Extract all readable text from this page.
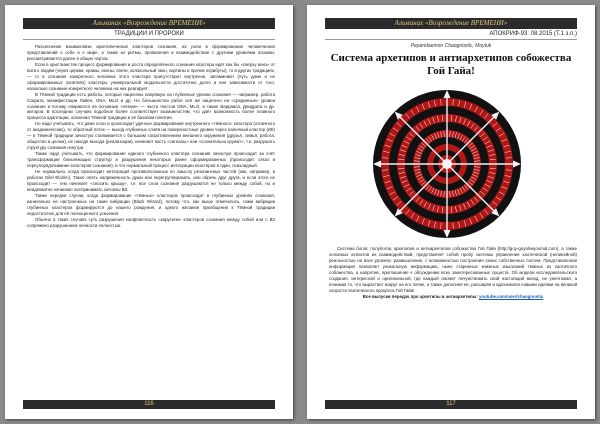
Альманах «Возрождение ВРЕМЕНИ»
ТРАДИЦИИ И ПРОРОКИ

Разъяснение взаимосвязи архетипических кластеров сознания, их роли в формировании человеческих представлений о себе и о мире, а также их ритмы, проявления и взаимодействие с другими уровнями психики, рассматривается далее в общих чертах.

Если в христианстве процесс формирования и роста определённого сознания кластера идёт как бы «сверху вниз» от Бога к людям (через церкви, храмы, иконы, свечи, колокольный звон, картины и прочие атрибуты), то в других традициях, — то в сознание конкретного человека этого кластера присутствуют внутренне, запоминают (путь даже и не сформированных понятиях) кластеры универсальной модальности достаточно долго и вне зависимости от того, насколько сознание конкретного человека на них реагирует.

В Тёмной традиции есть работы, которые нацелены напрямую на глубинные уровни сознания — например, работа Сократа, манифестации Лайен, ONA, MLO и др. Но большинство работ всё же нацелено на «срединные» уровни сознания и потому опираются на основные «лёгкие» — части текстов ONA, MLO, а также Варравса, Деидрата и др. авторов. В последних случаях подобное более соответствует возможностям, что даёт возможность более плавного процесса адаптации, освоения Тёмной традиции в её базовом понятии.

Но надо учитывать, что даже если и происходит удачное формирование внутреннего «тёмного» кластера (отличного от академических), то обратный поток — выход глубинных слоёв на поверхностные уровни через наличный кластер (ИК) — в Тёмной традиции зачастую сталкивается с большим сопротивлением внешнего окружения (друзья, семья, работа, общество в целом), не находя выхода (реализации), начинает пасть «сигналы» или «сознательно кружат», т.е. разрушать структуру сознания изнутри.

Также надо учитывать, что формирование единого глубинного кластера сознания зачастую происходит за счёт трансформации близлежащих структур и разрушения некоторых ранее сформированных (происходит отказ и переупорядочивание кластеров сознания), и что нормальный процесс интеграции кластеров в один, психоидный.

Не нормально, когда происходит интеграция противоположных по смыслу резонансных частей (как, например, в работах Gilel Elohim). Такое опять напряжённость души или перегруппировать, или обречь друг друга, и если этого не происходит — тем начинает «сносить крышу», т.е. все слои сознания разрушаются не только между собой, но и неадекватно начинают воспринимать сигналы ВЗ.

Также нередки случаи, когда формирование «тёмных» кластеров происходит в глубинных уровнях сознания, изначально не настроенных на такие вибрации (Black Wizard), потому что, как выше отмечалось, сами вибрации глубинных кластеров формируются до нашего рождения, и одного желания приобщения к Тёмной традиции недостаточно для её полноценного усвоения.

Обычно в таких случаях суть разрушения конфликтность «карусели» кластеров сознания между собой или с ВЗ сопряжено разрушением личности полностью.

116
Альманах «Возрождение ВРЕМЕНИ»
АПОКРИФ-93: 08.2015 (Т.1 з.п.)
Pependaemon Chaognostic, Moytuk
Система архетипов и антиархетипов собожества Гой Гайа!

Система богов, полубогов, архетипов и антиархетипов собожества Гой Гайа (http://goy-goyalivejournal.com), а также основных аспектов их взаимодействий, представляет собой пробу системы управления хаотической (нелинейной) реальностью на всех уровнях: размышление, с возможностью построения своих собственных систем. Представленная информация позволяет уникальную информацию, ныне старинных книжных изысканий тёмных из хаотичного собожества, а напротив, приглашение к обсуждению всех заинтересованных существ. Об модели исследовательского создания, интересной и оригинальной, где каждый сможет почувствовать свой настоящий вклад, не уничтожая, а понимая то, что вырастает вокруг на его почве, а также дополняя её, расширяя и вдохновляя новыми идеями на великой скорости хаотического процесса Гой Гайа!

Все выпуски передач про архетипы и антиархетипы: youtube.com/user/chaognostic

117
